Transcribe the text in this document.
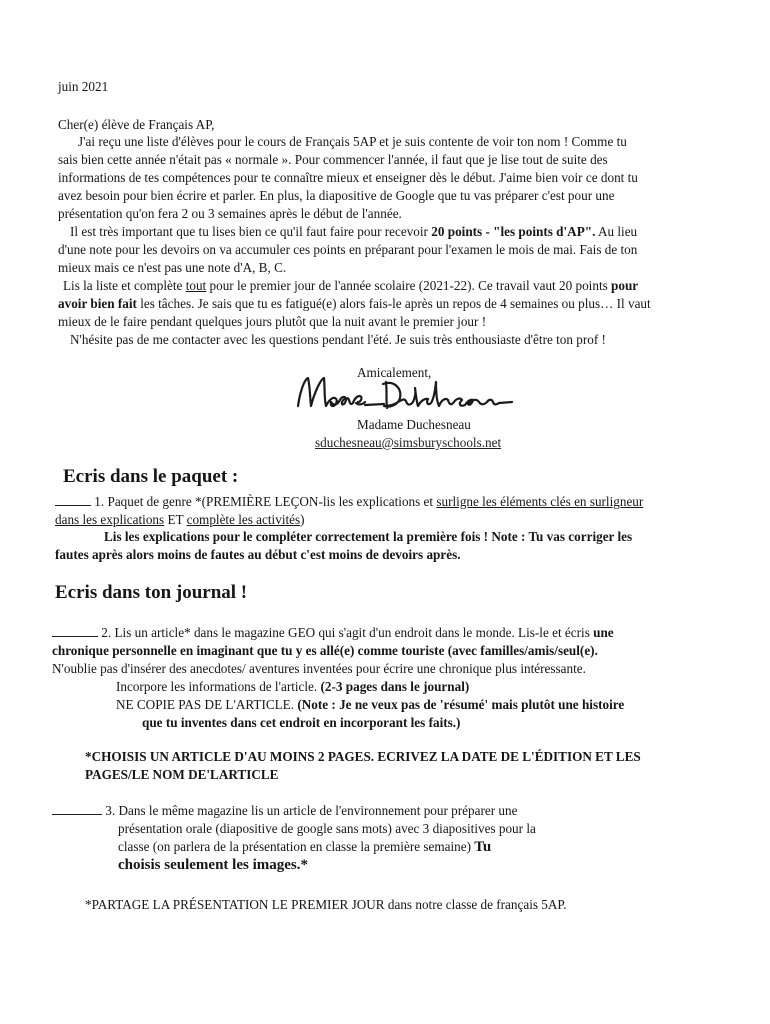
juin 2021
Cher(e) élève de Français AP,
J'ai reçu une liste d'élèves pour le cours de Français 5AP et je suis contente de voir ton nom ! Comme tu
sais bien cette année n'était pas « normale ». Pour commencer l'année, il faut que je lise tout de suite des
informations de tes compétences pour te connaître mieux et enseigner dès le début. J'aime bien voir ce dont tu
avez besoin pour bien écrire et parler. En plus, la diapositive de Google que tu vas préparer c'est pour une
présentation qu'on fera 2 ou 3 semaines après le début de l'année.
Il est très important que tu lises bien ce qu'il faut faire pour recevoir 20 points - "les points d'AP". Au lieu
d'une note pour les devoirs on va accumuler ces points en préparant pour l'examen le mois de mai. Fais de ton
mieux mais ce n'est pas une note d'A, B, C.
Lis la liste et complète tout pour le premier jour de l'année scolaire (2021-22). Ce travail vaut 20 points pour
avoir bien fait les tâches. Je sais que tu es fatigué(e) alors fais-le après un repos de 4 semaines ou plus… Il vaut
mieux de le faire pendant quelques jours plutôt que la nuit avant le premier jour !
N'hésite pas de me contacter avec les questions pendant l'été. Je suis très enthousiaste d'être ton prof !
Amicalement,
Madame Duchesneau
sduchesneau@simsburyschools.net
Ecris dans le paquet :
1. Paquet de genre *(PREMIÈRE LEÇON-lis les explications et surligne les éléments clés en surligneur
dans les explications ET complète les activités)
Lis les explications pour le compléter correctement la première fois ! Note : Tu vas corriger les
fautes après alors moins de fautes au début c'est moins de devoirs après.
Ecris dans ton journal !
2. Lis un article* dans le magazine GEO qui s'agit d'un endroit dans le monde. Lis-le et écris une
chronique personnelle en imaginant que tu y es allé(e) comme touriste (avec familles/amis/seul(e).
N'oublie pas d'insérer des anecdotes/ aventures inventées pour écrire une chronique plus intéressante.
Incorpore les informations de l'article. (2-3 pages dans le journal)
NE COPIE PAS DE L'ARTICLE. (Note : Je ne veux pas de 'résumé' mais plutôt une histoire
que tu inventes dans cet endroit en incorporant les faits.)
*CHOISIS UN ARTICLE D'AU MOINS 2 PAGES. ECRIVEZ LA DATE DE L'ÉDITION ET LES
PAGES/LE NOM DE'LARTICLE
3. Dans le même magazine lis un article de l'environnement pour préparer une
présentation orale (diapositive de google sans mots) avec 3 diapositives pour la
classe (on parlera de la présentation en classe la première semaine) Tu
choisis seulement les images.*
*PARTAGE LA PRÉSENTATION LE PREMIER JOUR dans notre classe de français 5AP.
